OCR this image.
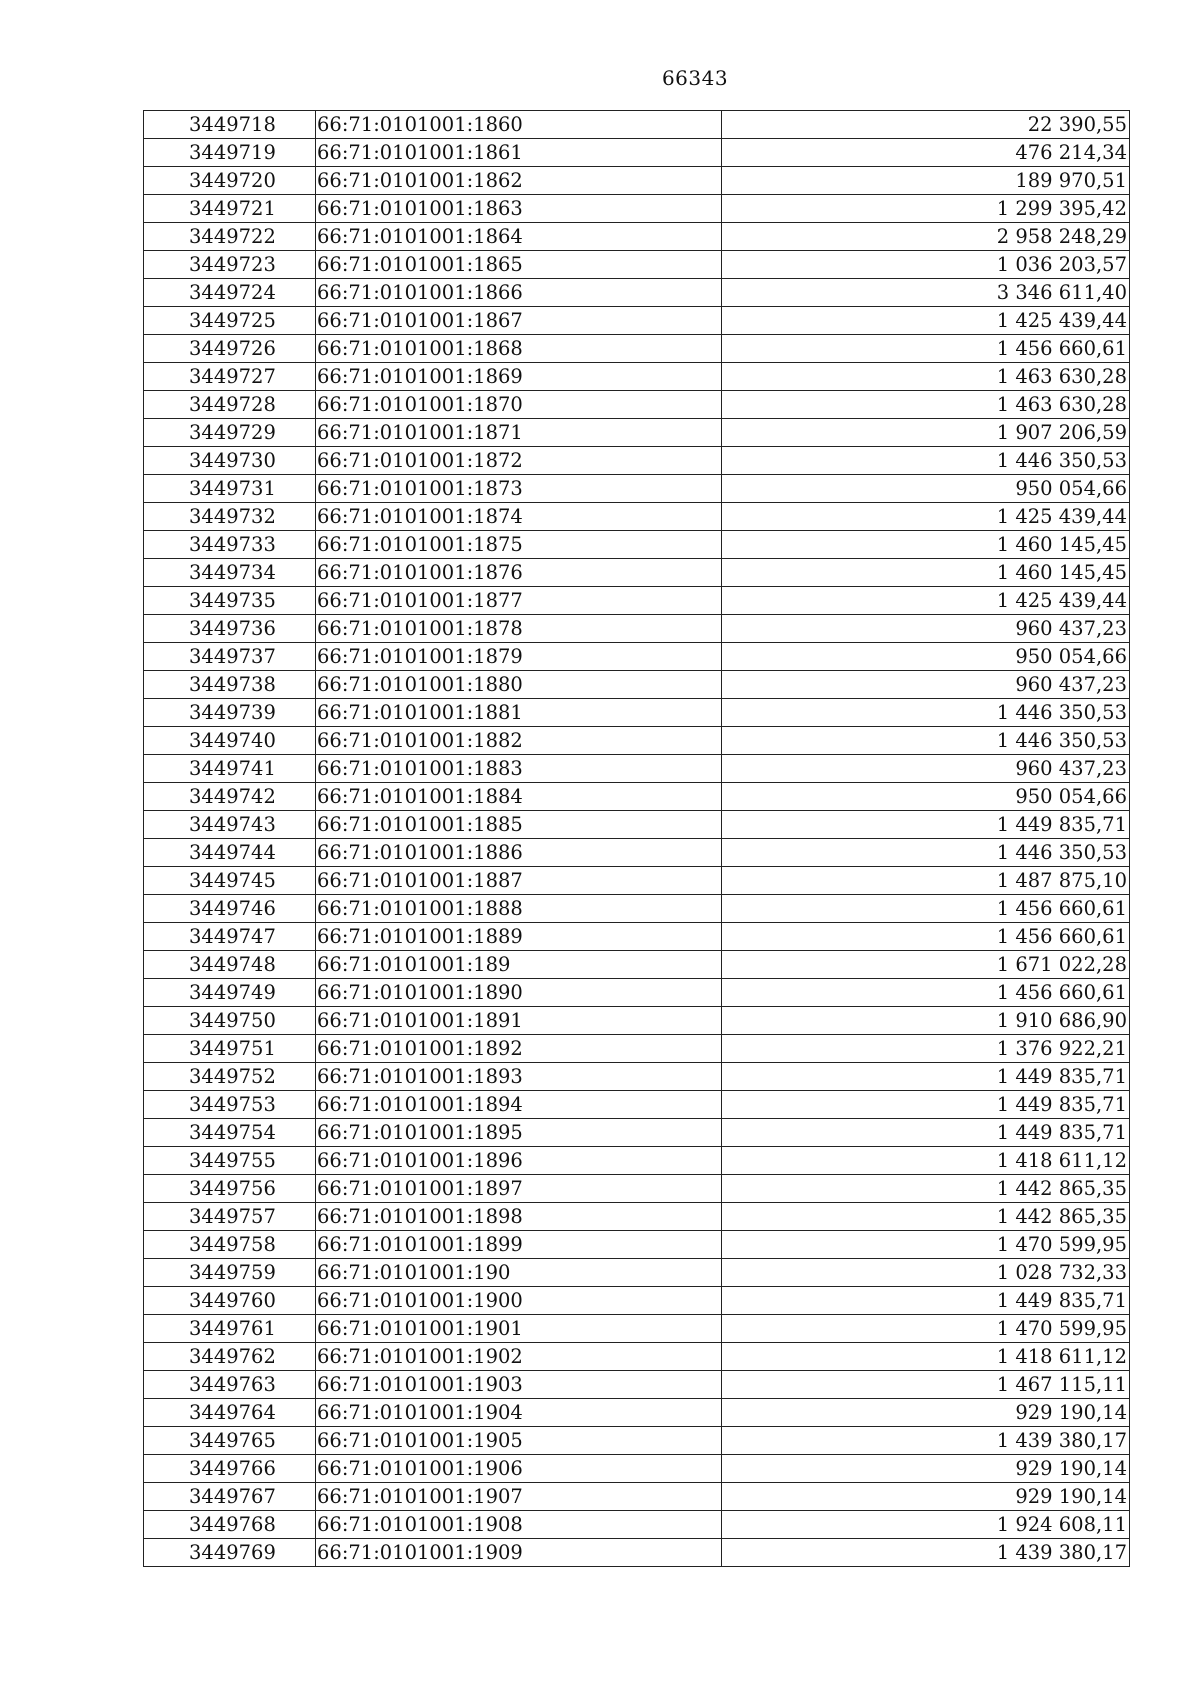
66343
3449718	66:71:0101001:1860	22 390,55
3449719	66:71:0101001:1861	476 214,34
3449720	66:71:0101001:1862	189 970,51
3449721	66:71:0101001:1863	1 299 395,42
3449722	66:71:0101001:1864	2 958 248,29
3449723	66:71:0101001:1865	1 036 203,57
3449724	66:71:0101001:1866	3 346 611,40
3449725	66:71:0101001:1867	1 425 439,44
3449726	66:71:0101001:1868	1 456 660,61
3449727	66:71:0101001:1869	1 463 630,28
3449728	66:71:0101001:1870	1 463 630,28
3449729	66:71:0101001:1871	1 907 206,59
3449730	66:71:0101001:1872	1 446 350,53
3449731	66:71:0101001:1873	950 054,66
3449732	66:71:0101001:1874	1 425 439,44
3449733	66:71:0101001:1875	1 460 145,45
3449734	66:71:0101001:1876	1 460 145,45
3449735	66:71:0101001:1877	1 425 439,44
3449736	66:71:0101001:1878	960 437,23
3449737	66:71:0101001:1879	950 054,66
3449738	66:71:0101001:1880	960 437,23
3449739	66:71:0101001:1881	1 446 350,53
3449740	66:71:0101001:1882	1 446 350,53
3449741	66:71:0101001:1883	960 437,23
3449742	66:71:0101001:1884	950 054,66
3449743	66:71:0101001:1885	1 449 835,71
3449744	66:71:0101001:1886	1 446 350,53
3449745	66:71:0101001:1887	1 487 875,10
3449746	66:71:0101001:1888	1 456 660,61
3449747	66:71:0101001:1889	1 456 660,61
3449748	66:71:0101001:189	1 671 022,28
3449749	66:71:0101001:1890	1 456 660,61
3449750	66:71:0101001:1891	1 910 686,90
3449751	66:71:0101001:1892	1 376 922,21
3449752	66:71:0101001:1893	1 449 835,71
3449753	66:71:0101001:1894	1 449 835,71
3449754	66:71:0101001:1895	1 449 835,71
3449755	66:71:0101001:1896	1 418 611,12
3449756	66:71:0101001:1897	1 442 865,35
3449757	66:71:0101001:1898	1 442 865,35
3449758	66:71:0101001:1899	1 470 599,95
3449759	66:71:0101001:190	1 028 732,33
3449760	66:71:0101001:1900	1 449 835,71
3449761	66:71:0101001:1901	1 470 599,95
3449762	66:71:0101001:1902	1 418 611,12
3449763	66:71:0101001:1903	1 467 115,11
3449764	66:71:0101001:1904	929 190,14
3449765	66:71:0101001:1905	1 439 380,17
3449766	66:71:0101001:1906	929 190,14
3449767	66:71:0101001:1907	929 190,14
3449768	66:71:0101001:1908	1 924 608,11
3449769	66:71:0101001:1909	1 439 380,17
